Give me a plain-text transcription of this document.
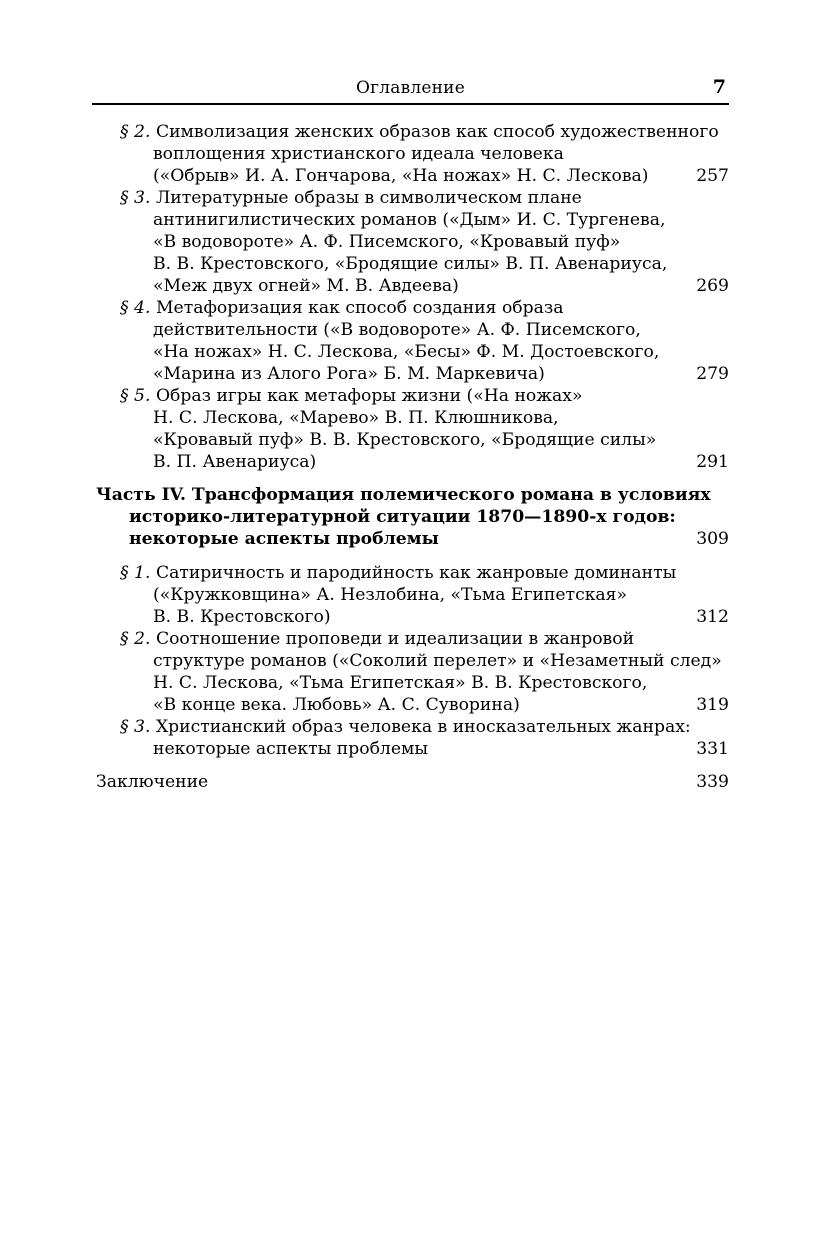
Оглавление	7
§ 2. Символизация женских образов как способ художественного
воплощения христианского идеала человека
(«Обрыв» И. А. Гончарова, «На ножах» Н. С. Лескова)	257
§ 3. Литературные образы в символическом плане
антинигилистических романов («Дым» И. С. Тургенева,
«В водовороте» А. Ф. Писемского, «Кровавый пуф»
В. В. Крестовского, «Бродящие силы» В. П. Авенариуса,
«Меж двух огней» М. В. Авдеева)	269
§ 4. Метафоризация как способ создания образа
действительности («В водовороте» А. Ф. Писемского,
«На ножах» Н. С. Лескова, «Бесы» Ф. М. Достоевского,
«Марина из Алого Рога» Б. М. Маркевича)	279
§ 5. Образ игры как метафоры жизни («На ножах»
Н. С. Лескова, «Марево» В. П. Клюшникова,
«Кровавый пуф» В. В. Крестовского, «Бродящие силы»
В. П. Авенариуса)	291
Часть IV. Трансформация полемического романа в условиях
историко-литературной ситуации 1870—1890-х годов:
некоторые аспекты проблемы	309
§ 1. Сатиричность и пародийность как жанровые доминанты
(«Кружковщина» А. Незлобина, «Тьма Египетская»
В. В. Крестовского)	312
§ 2. Соотношение проповеди и идеализации в жанровой
структуре романов («Соколий перелет» и «Незаметный след»
Н. С. Лескова, «Тьма Египетская» В. В. Крестовского,
«В конце века. Любовь» А. С. Суворина)	319
§ 3. Христианский образ человека в иносказательных жанрах:
некоторые аспекты проблемы	331
Заключение	339
